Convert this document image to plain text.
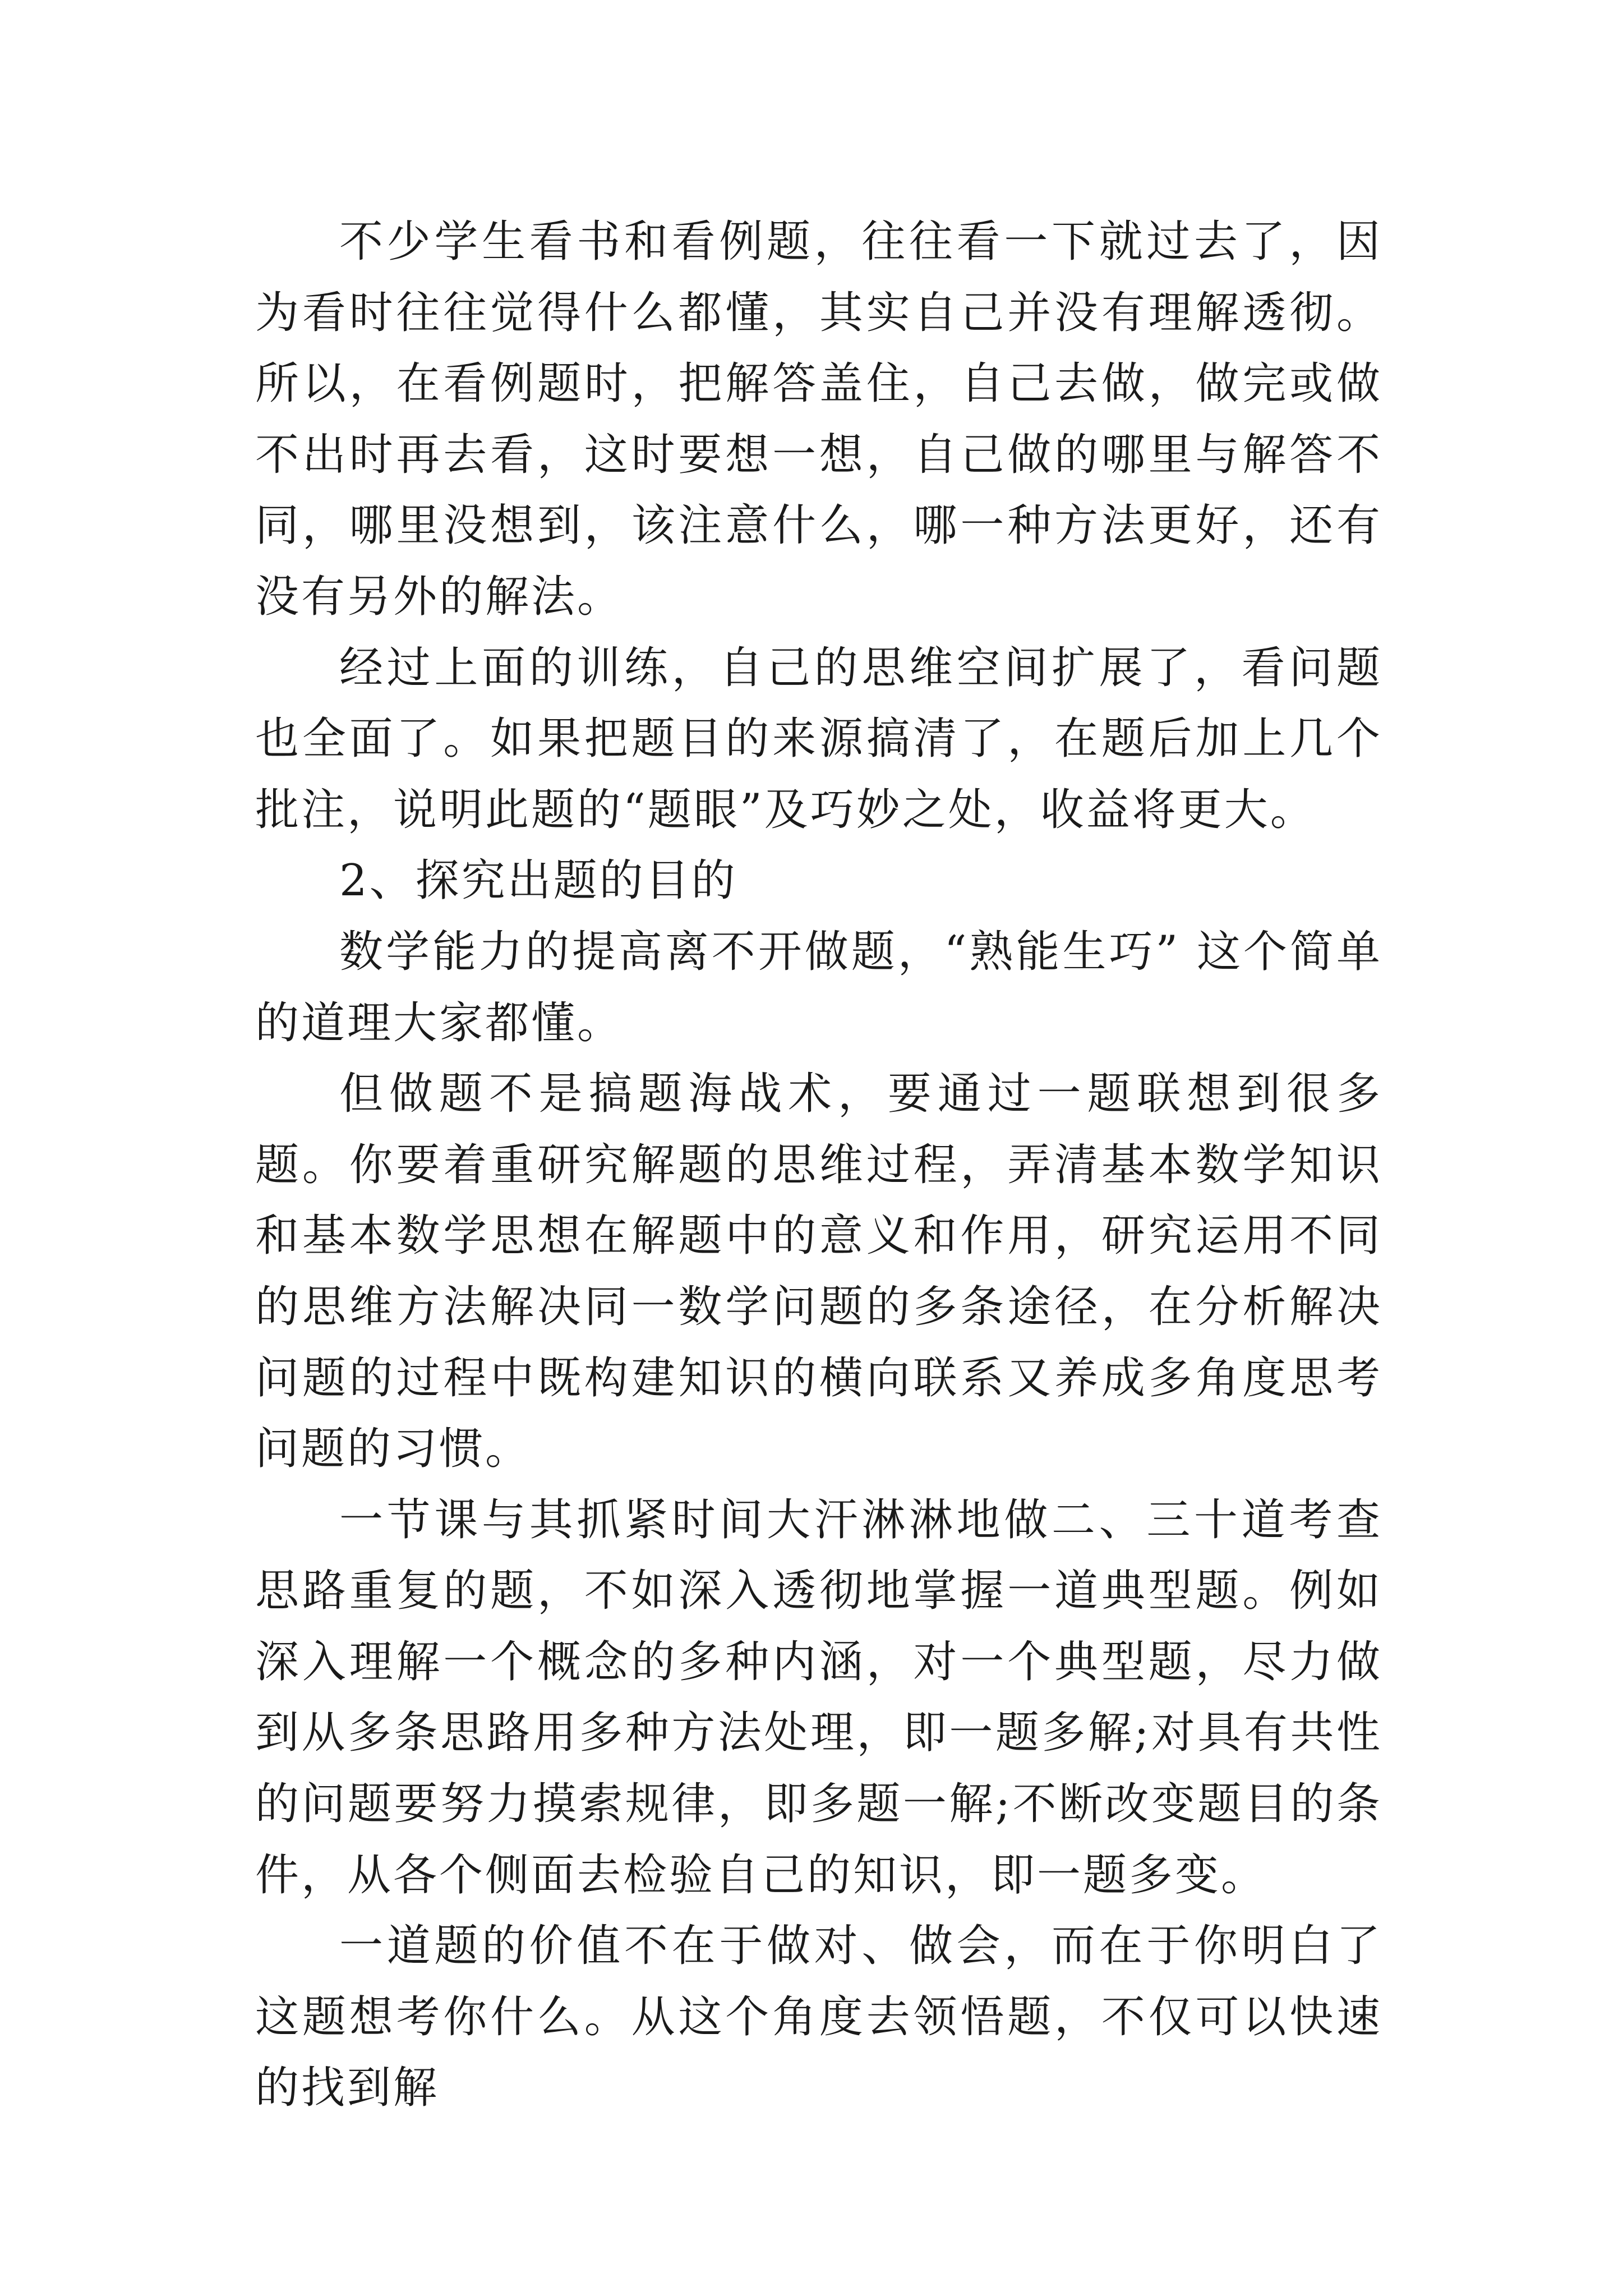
不少学生看书和看例题，往往看一下就过去了，因为看时往往觉得什么都懂，其实自己并没有理解透彻。所以，在看例题时，把解答盖住，自己去做，做完或做不出时再去看，这时要想一想，自己做的哪里与解答不同，哪里没想到，该注意什么，哪一种方法更好，还有没有另外的解法。

经过上面的训练，自己的思维空间扩展了，看问题也全面了。如果把题目的来源搞清了，在题后加上几个批注，说明此题的“题眼”及巧妙之处，收益将更大。

2、探究出题的目的

数学能力的提高离不开做题，“熟能生巧” 这个简单的道理大家都懂。

但做题不是搞题海战术，要通过一题联想到很多题。你要着重研究解题的思维过程，弄清基本数学知识和基本数学思想在解题中的意义和作用，研究运用不同的思维方法解决同一数学问题的多条途径，在分析解决问题的过程中既构建知识的横向联系又养成多角度思考问题的习惯。

一节课与其抓紧时间大汗淋淋地做二、三十道考查思路重复的题，不如深入透彻地掌握一道典型题。例如深入理解一个概念的多种内涵，对一个典型题，尽力做到从多条思路用多种方法处理，即一题多解;对具有共性的问题要努力摸索规律，即多题一解;不断改变题目的条件，从各个侧面去检验自己的知识，即一题多变。

一道题的价值不在于做对、做会，而在于你明白了这题想考你什么。从这个角度去领悟题，不仅可以快速的找到解
